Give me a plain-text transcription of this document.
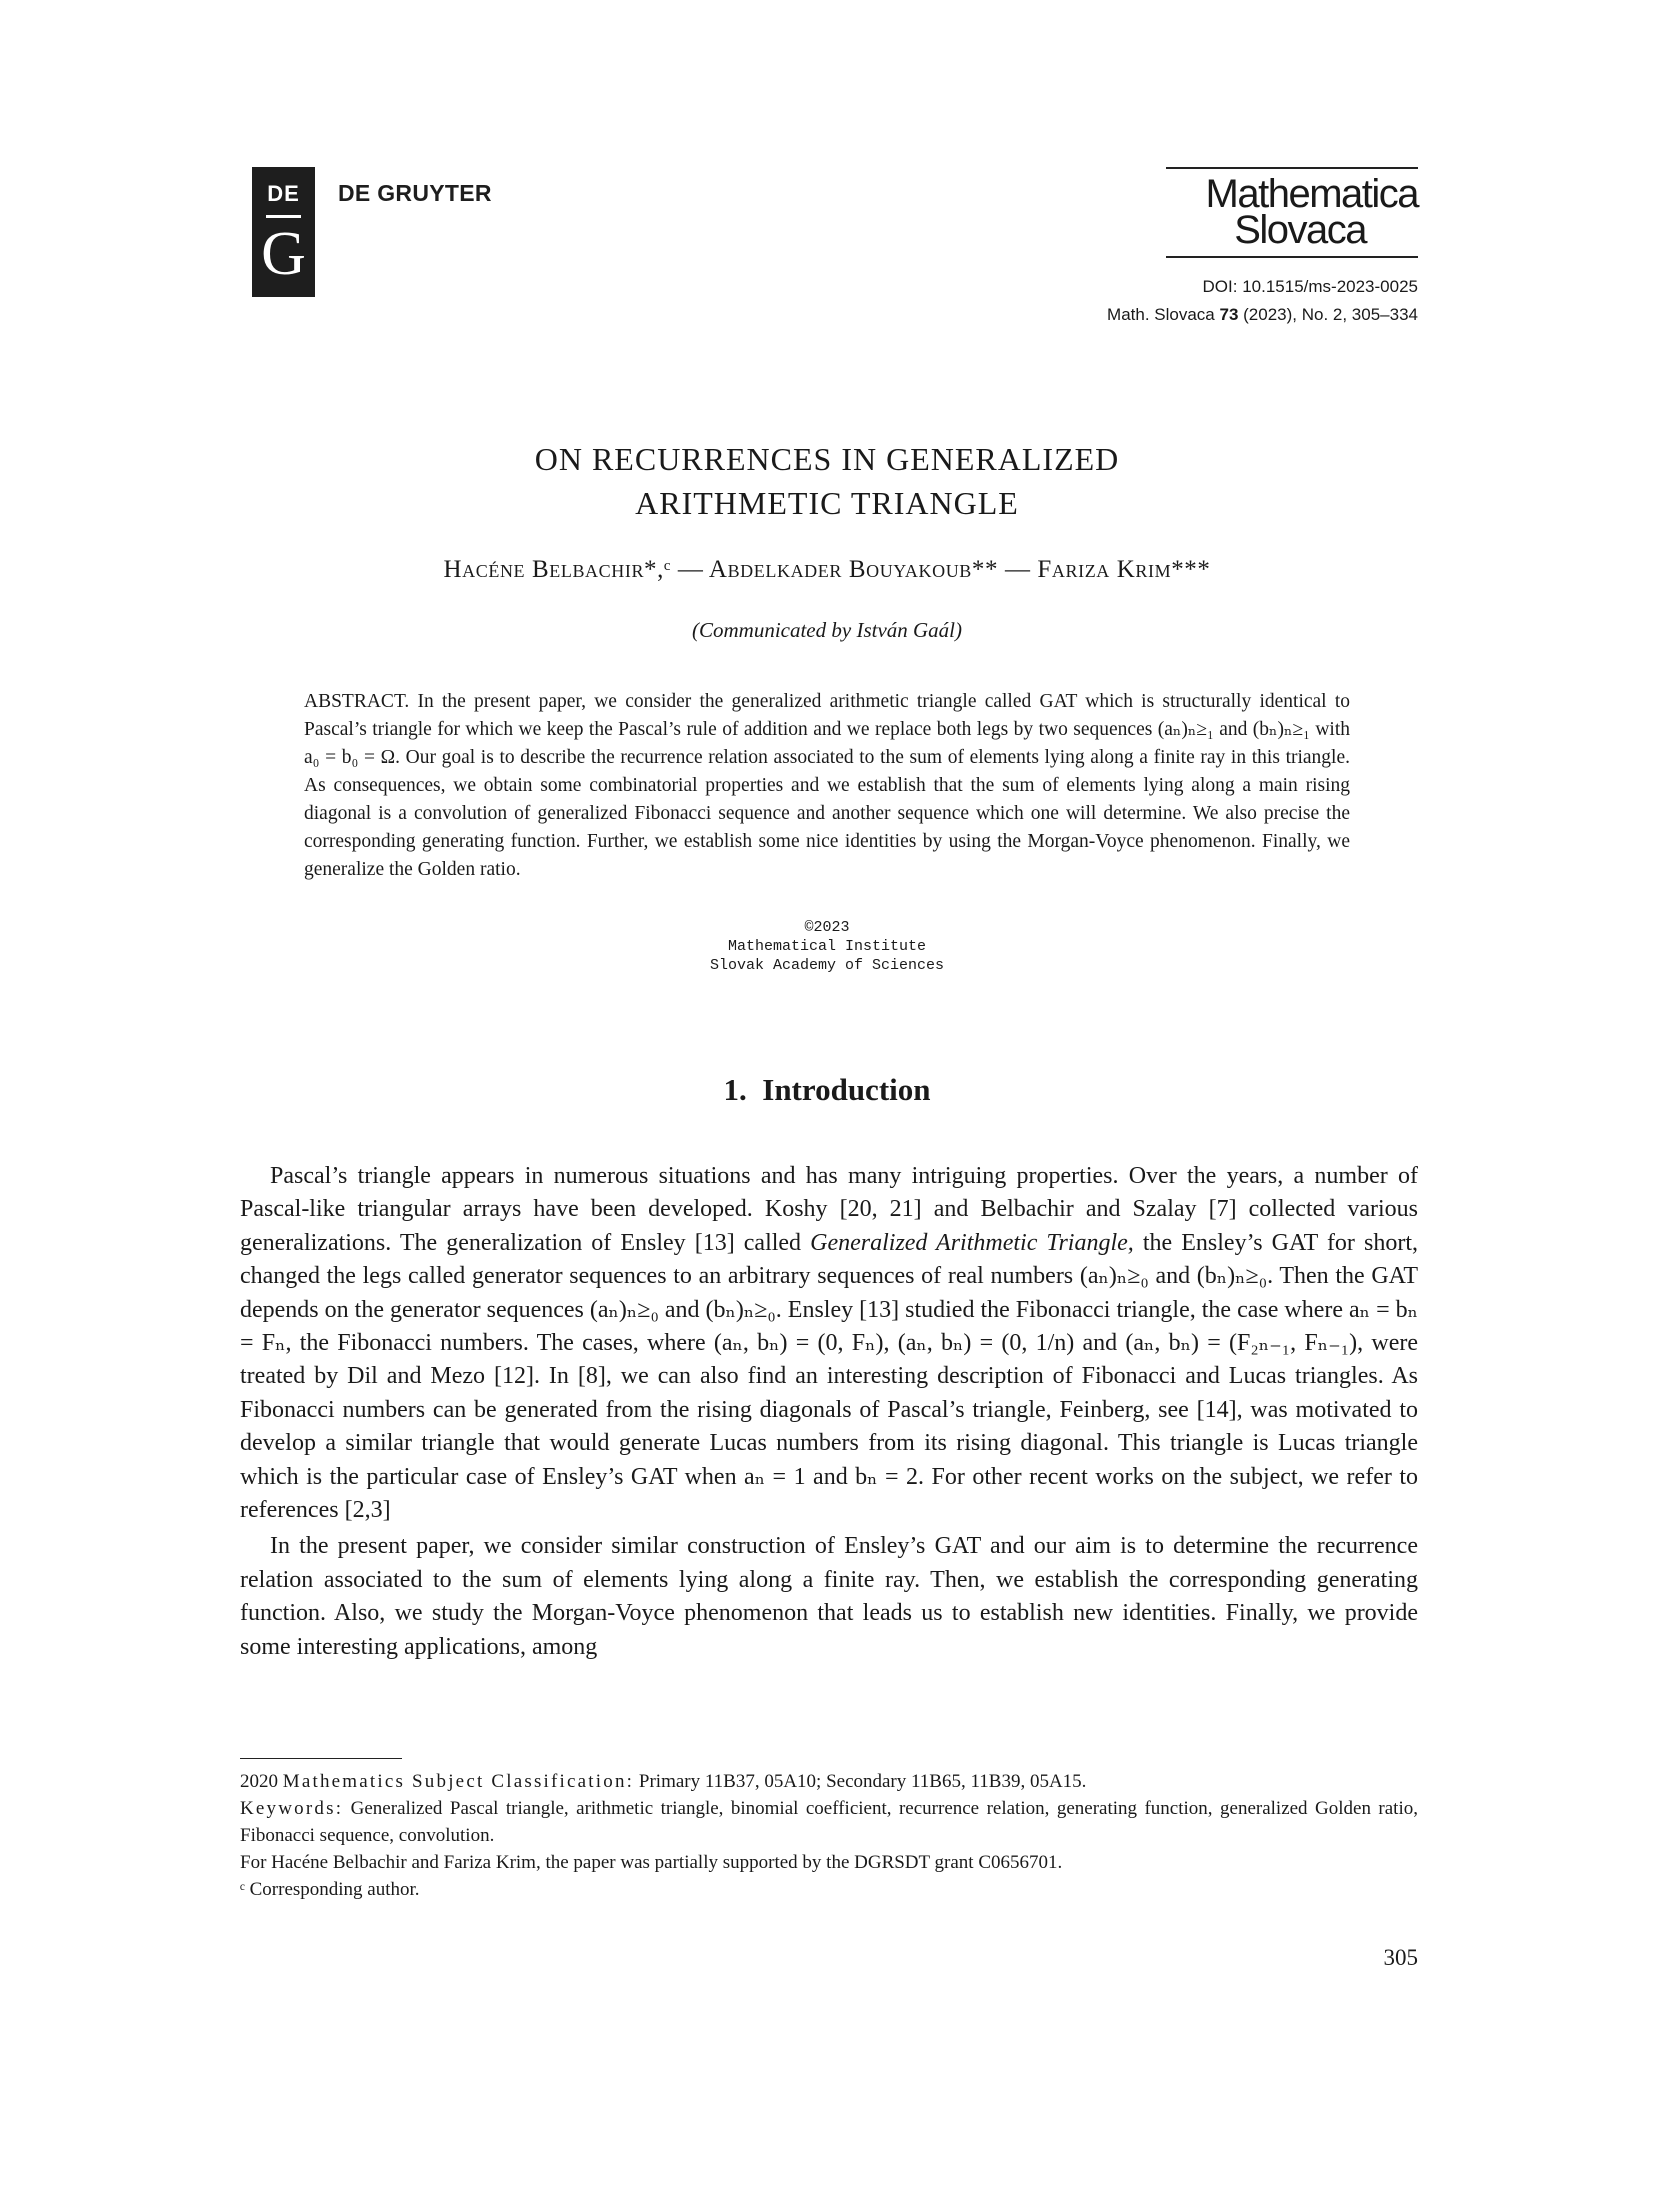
DE
G
DE GRUYTER	Mathematica
Slovaca
DOI: 10.1515/ms-2023-0025
Math. Slovaca 73 (2023), No. 2, 305–334
ON RECURRENCES IN GENERALIZED
ARITHMETIC TRIANGLE
Hacéne Belbachir*,ᶜ — Abdelkader Bouyakoub** — Fariza Krim***
(Communicated by István Gaál)
ABSTRACT. In the present paper, we consider the generalized arithmetic triangle called GAT which is structurally identical to Pascal’s triangle for which we keep the Pascal’s rule of addition and we replace both legs by two sequences (aₙ)ₙ≥₁ and (bₙ)ₙ≥₁ with a₀ = b₀ = Ω. Our goal is to describe the recurrence relation associated to the sum of elements lying along a finite ray in this triangle. As consequences, we obtain some combinatorial properties and we establish that the sum of elements lying along a main rising diagonal is a convolution of generalized Fibonacci sequence and another sequence which one will determine. We also precise the corresponding generating function. Further, we establish some nice identities by using the Morgan-Voyce phenomenon. Finally, we generalize the Golden ratio.
©2023
Mathematical Institute
Slovak Academy of Sciences
1. Introduction

Pascal’s triangle appears in numerous situations and has many intriguing properties. Over the years, a number of Pascal-like triangular arrays have been developed. Koshy [20, 21] and Belbachir and Szalay [7] collected various generalizations. The generalization of Ensley [13] called Generalized Arithmetic Triangle, the Ensley’s GAT for short, changed the legs called generator sequences to an arbitrary sequences of real numbers (aₙ)ₙ≥₀ and (bₙ)ₙ≥₀. Then the GAT depends on the generator sequences (aₙ)ₙ≥₀ and (bₙ)ₙ≥₀. Ensley [13] studied the Fibonacci triangle, the case where aₙ = bₙ = Fₙ, the Fibonacci numbers. The cases, where (aₙ, bₙ) = (0, Fₙ), (aₙ, bₙ) = (0, 1/n) and (aₙ, bₙ) = (F₂ₙ₋₁, Fₙ₋₁), were treated by Dil and Mezo [12]. In [8], we can also find an interesting description of Fibonacci and Lucas triangles. As Fibonacci numbers can be generated from the rising diagonals of Pascal’s triangle, Feinberg, see [14], was motivated to develop a similar triangle that would generate Lucas numbers from its rising diagonal. This triangle is Lucas triangle which is the particular case of Ensley’s GAT when aₙ = 1 and bₙ = 2. For other recent works on the subject, we refer to references [2,3]

In the present paper, we consider similar construction of Ensley’s GAT and our aim is to determine the recurrence relation associated to the sum of elements lying along a finite ray. Then, we establish the corresponding generating function. Also, we study the Morgan-Voyce phenomenon that leads us to establish new identities. Finally, we provide some interesting applications, among

2020 Mathematics Subject Classification: Primary 11B37, 05A10; Secondary 11B65, 11B39, 05A15.
Keywords: Generalized Pascal triangle, arithmetic triangle, binomial coefficient, recurrence relation, generating function, generalized Golden ratio, Fibonacci sequence, convolution.
For Hacéne Belbachir and Fariza Krim, the paper was partially supported by the DGRSDT grant C0656701.
ᶜ Corresponding author.
305
